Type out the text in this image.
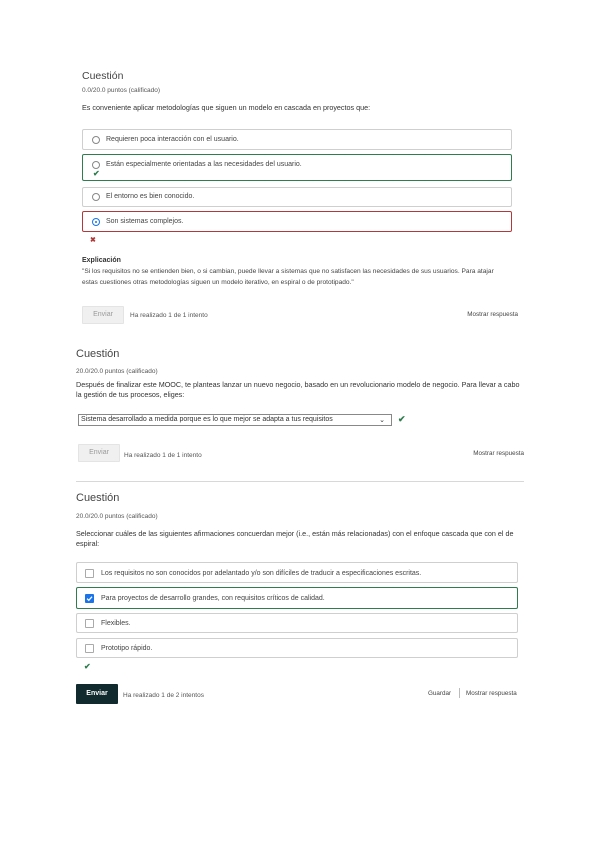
Cuestión
0.0/20.0 puntos (calificado)
Es conveniente aplicar metodologías que siguen un modelo en cascada en proyectos que:
Requieren poca interacción con el usuario.
Están especialmente orientadas a las necesidades del usuario.
✔
El entorno es bien conocido.
Son sistemas complejos.
✖
Explicación
"Si los requisitos no se entienden bien, o si cambian, puede llevar a sistemas que no satisfacen las necesidades de sus usuarios. Para atajar estas cuestiones otras metodologías siguen un modelo iterativo, en espiral o de prototipado."
Enviar	Ha realizado 1 de 1 intento	Mostrar respuesta
Cuestión
20.0/20.0 puntos (calificado)
Después de finalizar este MOOC, te planteas lanzar un nuevo negocio, basado en un revolucionario modelo de negocio. Para llevar a cabo la gestión de tus procesos, eliges:
Sistema desarrollado a medida porque es lo que mejor se adapta a tus requisitos	⌄ ✔
Enviar	Ha realizado 1 de 1 intento	Mostrar respuesta
Cuestión
20.0/20.0 puntos (calificado)
Seleccionar cuáles de las siguientes afirmaciones concuerdan mejor (i.e., están más relacionadas) con el enfoque cascada que con el de espiral:
Los requisitos no son conocidos por adelantado y/o son difíciles de traducir a especificaciones escritas.
Para proyectos de desarrollo grandes, con requisitos críticos de calidad.
Flexibles.
Prototipo rápido.
✔
Enviar	Ha realizado 1 de 2 intentos	Guardar Mostrar respuesta
